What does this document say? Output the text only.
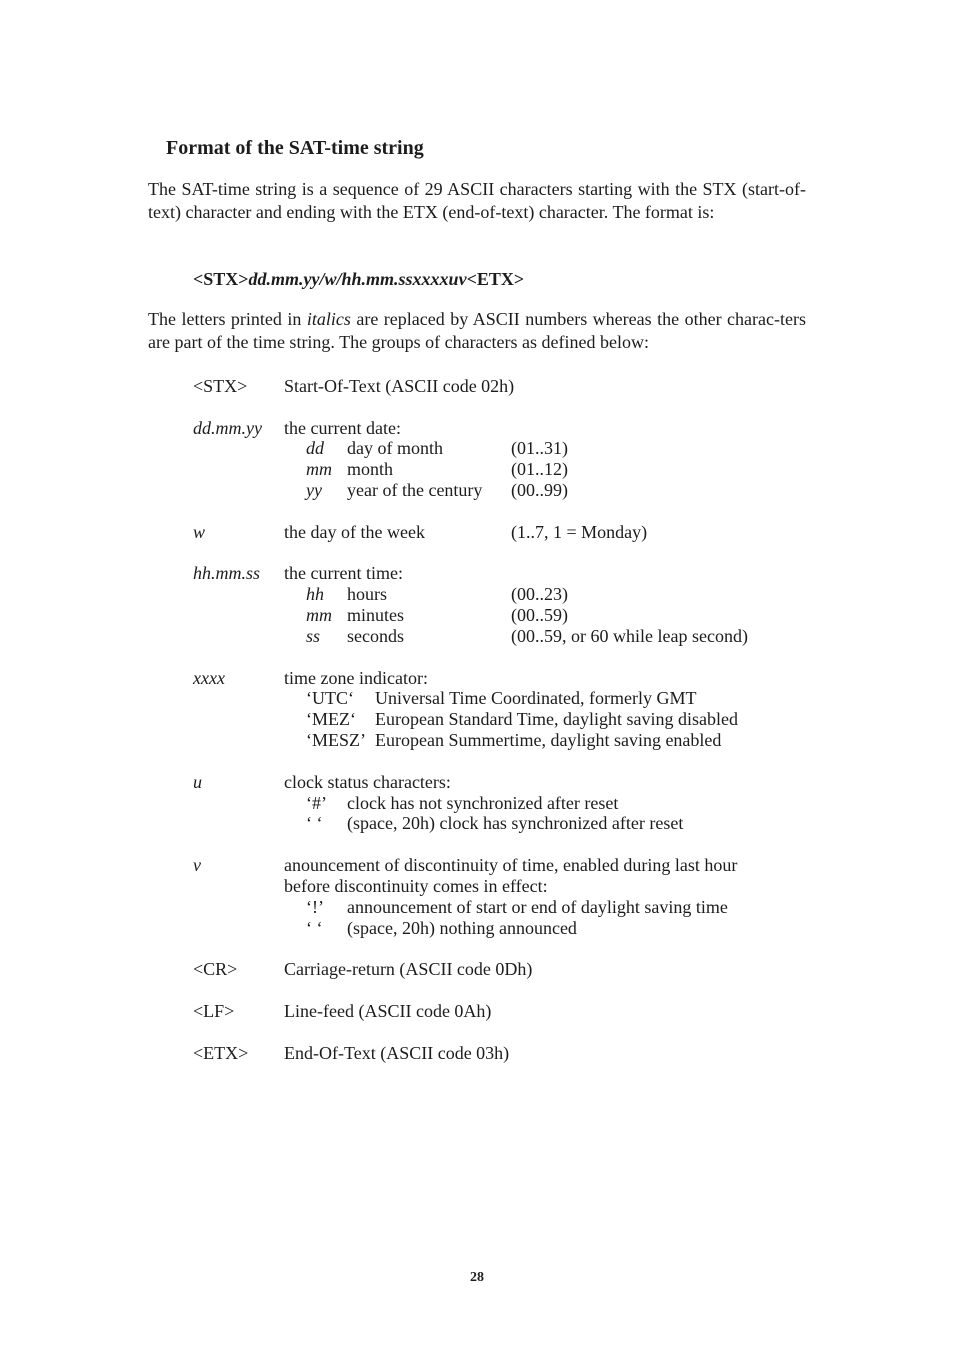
Format of the SAT-time string

The SAT-time string is a sequence of 29 ASCII characters starting with the STX (start-of-text) character and ending with the ETX (end-of-text) character. The format is:

<STX>dd.mm.yy/w/hh.mm.ssxxxxuv<ETX>

The letters printed in italics are replaced by ASCII numbers whereas the other charac-ters are part of the time string. The groups of characters as defined below:

<STX> Start-Of-Text (ASCII code 02h)
dd.mm.yy the current date:
dd day of month	(01..31)
mm month	(01..12)
yy year of the century (00..99)
w	the day of the week	(1..7, 1 = Monday)
hh.mm.ss the current time:
hh hours	(00..23)
mm minutes	(00..59)
ss seconds	(00..59, or 60 while leap second)
xxxx	time zone indicator:
‘UTC‘ Universal Time Coordinated, formerly GMT
‘MEZ‘ European Standard Time, daylight saving disabled
‘MESZ’ European Summertime, daylight saving enabled
u	clock status characters:
‘#’ clock has not synchronized after reset
‘ ‘ (space, 20h) clock has synchronized after reset
v	anouncement of discontinuity of time, enabled during last hour
before discontinuity comes in effect:
‘!’ announcement of start or end of daylight saving time
‘ ‘ (space, 20h) nothing announced
<CR>	Carriage-return (ASCII code 0Dh)
<LF>	Line-feed (ASCII code 0Ah)
<ETX> End-Of-Text (ASCII code 03h)
28
